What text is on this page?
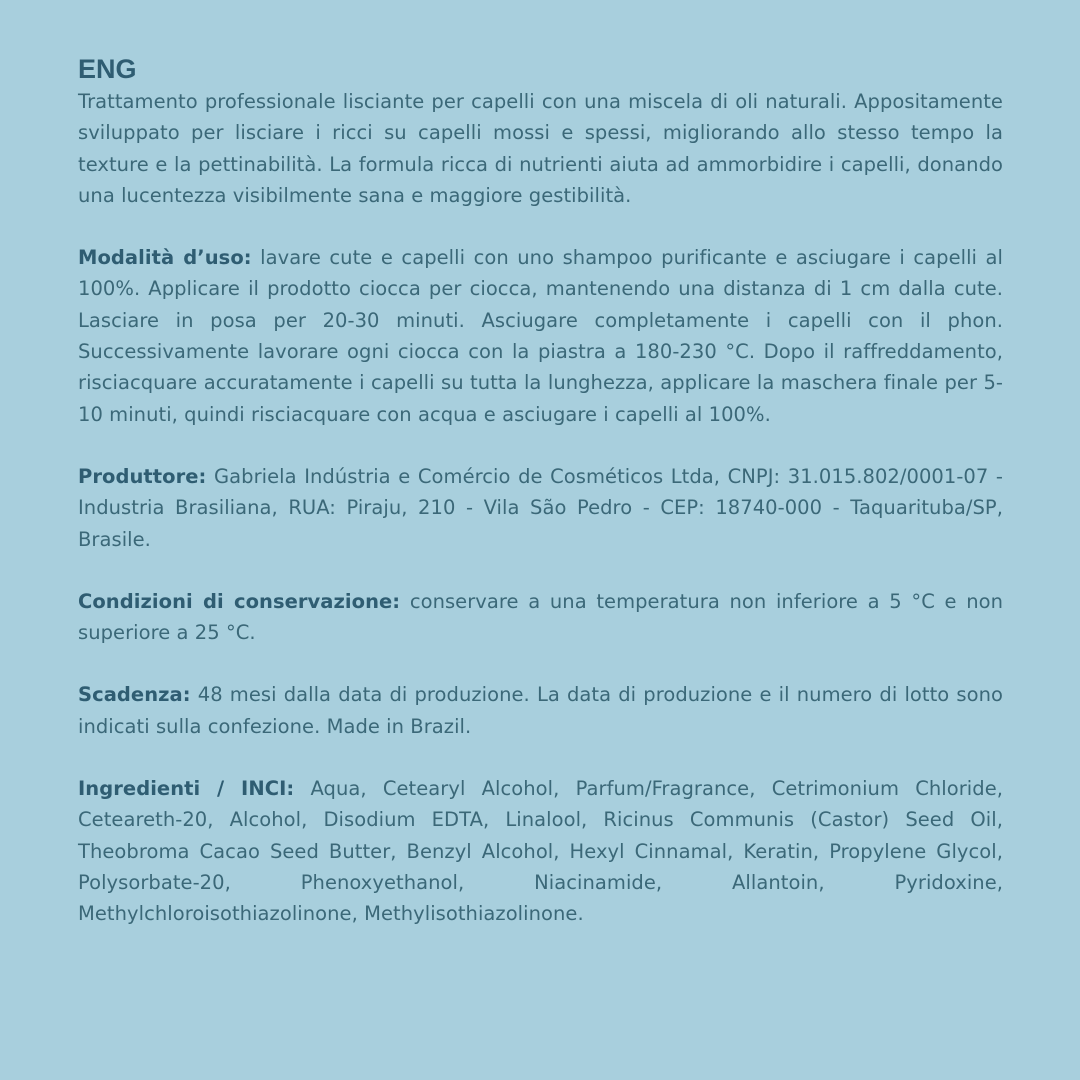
ENG

Trattamento professionale lisciante per capelli con una miscela di oli naturali. Appositamente sviluppato per lisciare i ricci su capelli mossi e spessi, migliorando allo stesso tempo la texture e la pettinabilità. La formula ricca di nutrienti aiuta ad ammorbidire i capelli, donando una lucentezza visibilmente sana e maggiore gestibilità.

Modalità d’uso: lavare cute e capelli con uno shampoo purificante e asciugare i capelli al 100%. Applicare il prodotto ciocca per ciocca, mantenendo una distanza di 1 cm dalla cute. Lasciare in posa per 20-30 minuti. Asciugare completamente i capelli con il phon. Successivamente lavorare ogni ciocca con la piastra a 180-230 °C. Dopo il raffreddamento, risciacquare accuratamente i capelli su tutta la lunghezza, applicare la maschera finale per 5-10 minuti, quindi risciacquare con acqua e asciugare i capelli al 100%.

Produttore: Gabriela Indústria e Comércio de Cosméticos Ltda, CNPJ: 31.015.802/0001-07 - Industria Brasiliana, RUA: Piraju, 210 - Vila São Pedro - CEP: 18740-000 - Taquarituba/SP, Brasile.

Condizioni di conservazione: conservare a una temperatura non inferiore a 5 °C e non superiore a 25 °C.

Scadenza: 48 mesi dalla data di produzione. La data di produzione e il numero di lotto sono indicati sulla confezione. Made in Brazil.

Ingredienti / INCI: Aqua, Cetearyl Alcohol, Parfum/Fragrance, Cetrimonium Chloride, Ceteareth-20, Alcohol, Disodium EDTA, Linalool, Ricinus Communis (Castor) Seed Oil, Theobroma Cacao Seed Butter, Benzyl Alcohol, Hexyl Cinnamal, Keratin, Propylene Glycol, Polysorbate-20, Phenoxyethanol, Niacinamide, Allantoin, Pyridoxine, Methylchloroisothiazolinone, Methylisothiazolinone.
